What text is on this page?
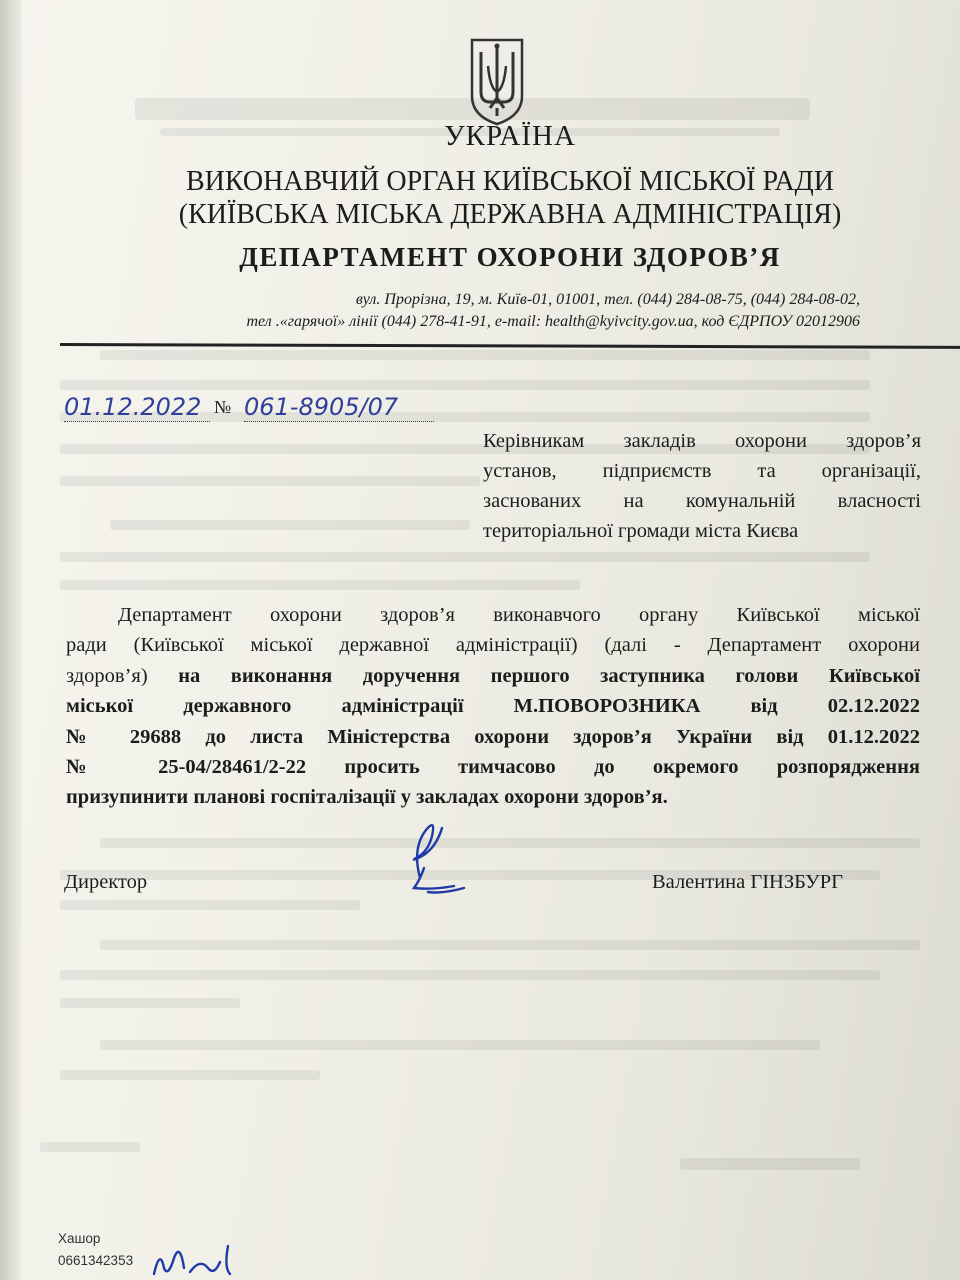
УКРАЇНА
ВИКОНАВЧИЙ ОРГАН КИЇВСЬКОЇ МІСЬКОЇ РАДИ
(КИЇВСЬКА МІСЬКА ДЕРЖАВНА АДМІНІСТРАЦІЯ)
ДЕПАРТАМЕНТ ОХОРОНИ ЗДОРОВ’Я
вул. Прорізна, 19, м. Київ-01, 01001, тел. (044) 284-08-75, (044) 284-08-02,
тел .«гарячої» лінії (044) 278-41-91, e-mail: health@kyivcity.gov.ua, код ЄДРПОУ 02012906
01.12.2022 № 061-8905/07
Керівникам закладів охорони здоров’я
установ, підприємств та організації,
заснованих на комунальній власності
територіальної громади міста Києва
Департамент охорони здоров’я виконавчого органу Київської міської
ради (Київської міської державної адміністрації) (далі - Департамент охорони
здоров’я) на виконання доручення першого заступника голови Київської
міської державного адміністрації М.ПОВОРОЗНИКА від 02.12.2022
№ 29688 до листа Міністерства охорони здоров’я України від 01.12.2022
№ 25-04/28461/2-22 просить тимчасово до окремого розпорядження
призупинити планові госпіталізації у закладах охорони здоров’я.
Директор	Валентина ГІНЗБУРГ
Хашор
0661342353
